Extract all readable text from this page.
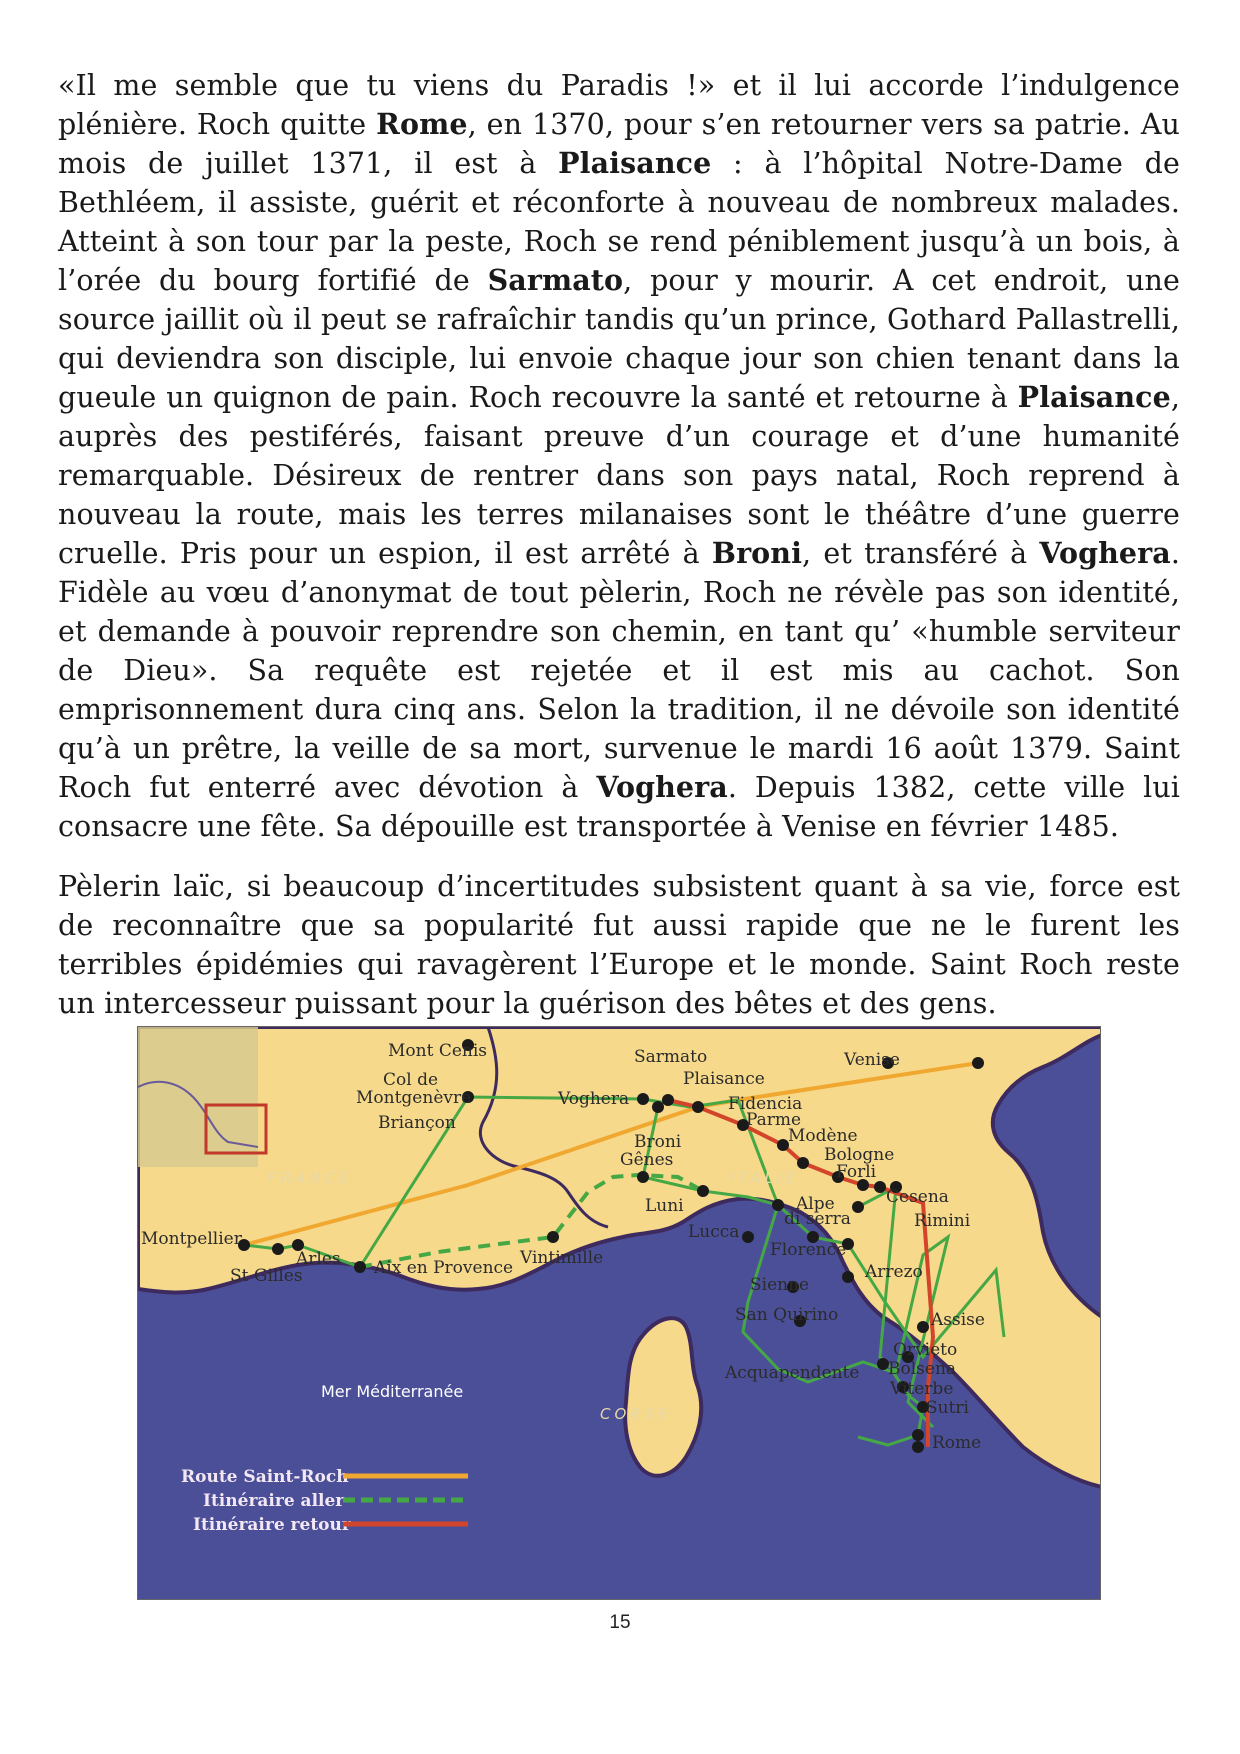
«Il me semble que tu viens du Paradis !» et il lui accorde l’indulgence plénière. Roch quitte Rome, en 1370, pour s’en retourner vers sa patrie. Au mois de juillet 1371, il est à Plaisance : à l’hôpital Notre-Dame de Bethléem, il assiste, guérit et réconforte à nouveau de nombreux malades. Atteint à son tour par la peste, Roch se rend péniblement jusqu’à un bois, à l’orée du bourg fortifié de Sarmato, pour y mourir. A cet endroit, une source jaillit où il peut se rafraîchir tandis qu’un prince, Gothard Pallastrelli, qui deviendra son disciple, lui envoie chaque jour son chien tenant dans la gueule un quignon de pain. Roch recouvre la santé et retourne à Plaisance, auprès des pestiférés, faisant preuve d’un courage et d’une humanité remarquable. Désireux de rentrer dans son pays natal, Roch reprend à nouveau la route, mais les terres milanaises sont le théâtre d’une guerre cruelle. Pris pour un espion, il est arrêté à Broni, et transféré à Voghera. Fidèle au vœu d’anonymat de tout pèlerin, Roch ne révèle pas son identité, et demande à pouvoir reprendre son chemin, en tant qu’ «humble serviteur de Dieu». Sa requête est rejetée et il est mis au cachot. Son emprisonnement dura cinq ans. Selon la tradition, il ne dévoile son identité qu’à un prêtre, la veille de sa mort, survenue le mardi 16 août 1379. Saint Roch fut enterré avec dévotion à Voghera. Depuis 1382, cette ville lui consacre une fête. Sa dépouille est transportée à Venise en février 1485.

Pèlerin laïc, si beaucoup d’incertitudes subsistent quant à sa vie, force est de reconnaître que sa popularité fut aussi rapide que ne le furent les terribles épidémies qui ravagèrent l’Europe et le monde. Saint Roch reste un intercesseur puissant pour la guérison des bêtes et des gens.

FRANCE	ITALIE
CORSE
Mer Méditerranée
Mont Cenis
Col de
Montgenèvre
Briançon
Sarmato	Venise
Plaisance
Voghera	Fidencia
Parme
Modène
Bologne
Forli
Broni
Gênes
Cesena
Rimini
Luni	Alpe
di serra
Montpellier
Arles
St Gilles	Aix en Provence Vintimille
Lucca
Florence
Arrezo
Sienne
San Quirino	Assise
Orvieto
Bolsena
Acquapendente
Viterbe
Sutri
Rome
Route Saint-Roch
Itinéraire aller
Itinéraire retour
15
